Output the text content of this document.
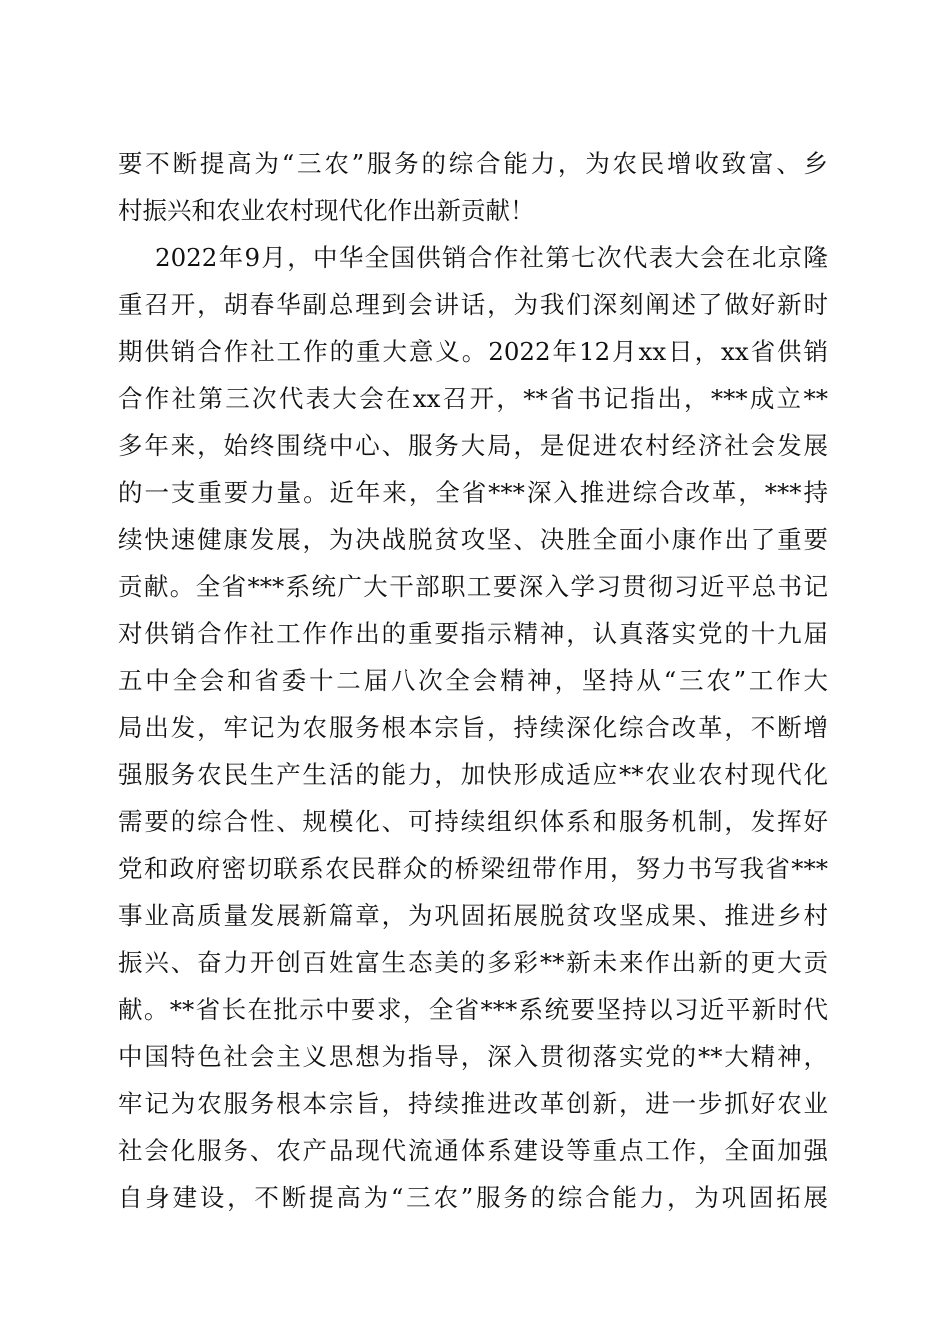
要不断提高为“三农”服务的综合能力，为农民增收致富、乡
村振兴和农业农村现代化作出新贡献！
2022年9月，中华全国供销合作社第七次代表大会在北京隆
重召开，胡春华副总理到会讲话，为我们深刻阐述了做好新时
期供销合作社工作的重大意义。2022年12月xx日，xx省供销
合作社第三次代表大会在xx召开，**省书记指出，***成立**
多年来，始终围绕中心、服务大局，是促进农村经济社会发展
的一支重要力量。近年来，全省***深入推进综合改革，***持
续快速健康发展，为决战脱贫攻坚、决胜全面小康作出了重要
贡献。全省***系统广大干部职工要深入学习贯彻习近平总书记
对供销合作社工作作出的重要指示精神，认真落实党的十九届
五中全会和省委十二届八次全会精神，坚持从“三农”工作大
局出发，牢记为农服务根本宗旨，持续深化综合改革，不断增
强服务农民生产生活的能力，加快形成适应**农业农村现代化
需要的综合性、规模化、可持续组织体系和服务机制，发挥好
党和政府密切联系农民群众的桥梁纽带作用，努力书写我省***
事业高质量发展新篇章，为巩固拓展脱贫攻坚成果、推进乡村
振兴、奋力开创百姓富生态美的多彩**新未来作出新的更大贡
献。**省长在批示中要求，全省***系统要坚持以习近平新时代
中国特色社会主义思想为指导，深入贯彻落实党的**大精神，
牢记为农服务根本宗旨，持续推进改革创新，进一步抓好农业
社会化服务、农产品现代流通体系建设等重点工作，全面加强
自身建设，不断提高为“三农”服务的综合能力，为巩固拓展
